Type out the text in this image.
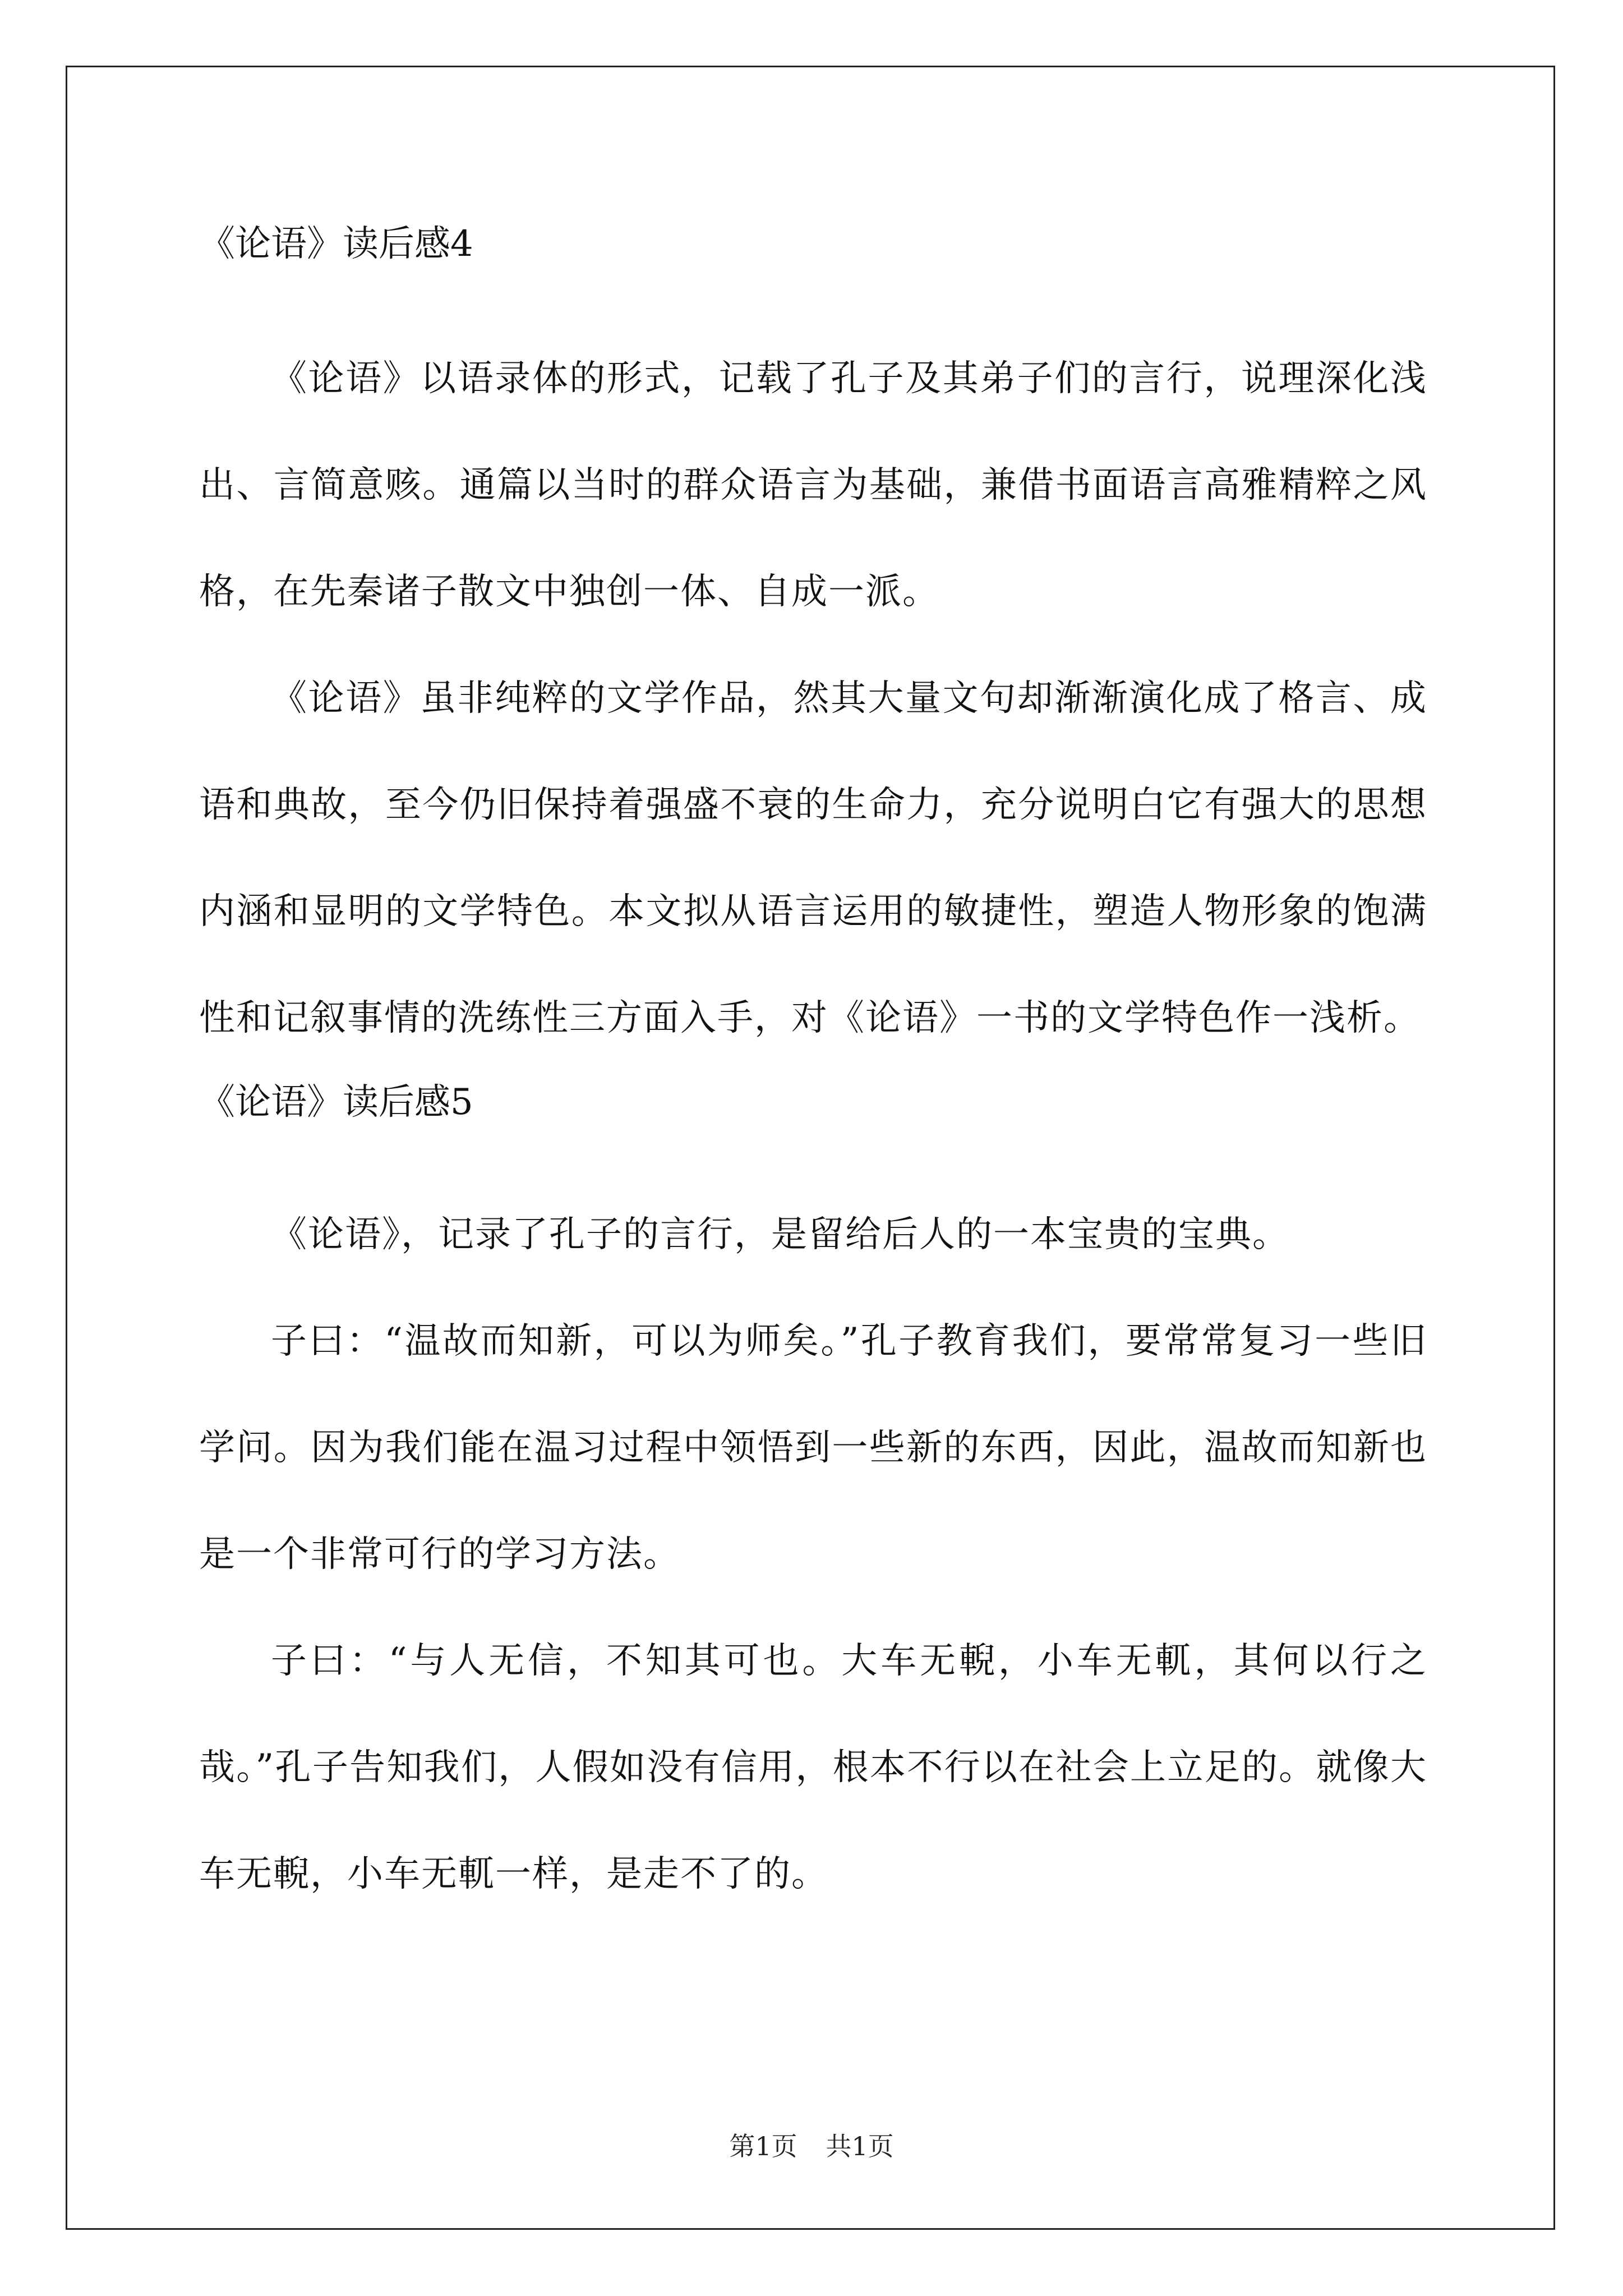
《论语》读后感4

《论语》以语录体的形式，记载了孔子及其弟子们的言行，说理深化浅出、言简意赅。通篇以当时的群众语言为基础，兼借书面语言高雅精粹之风格，在先秦诸子散文中独创一体、自成一派。

《论语》虽非纯粹的文学作品，然其大量文句却渐渐演化成了格言、成语和典故，至今仍旧保持着强盛不衰的生命力，充分说明白它有强大的思想内涵和显明的文学特色。本文拟从语言运用的敏捷性，塑造人物形象的饱满性和记叙事情的洗练性三方面入手，对《论语》一书的文学特色作一浅析。

《论语》读后感5

《论语》，记录了孔子的言行，是留给后人的一本宝贵的宝典。

子曰：“温故而知新，可以为师矣。”孔子教育我们，要常常复习一些旧学问。因为我们能在温习过程中领悟到一些新的东西，因此，温故而知新也是一个非常可行的学习方法。

子曰：“与人无信，不知其可也。大车无輗，小车无軏，其何以行之哉。”孔子告知我们，人假如没有信用，根本不行以在社会上立足的。就像大车无輗，小车无軏一样，是走不了的。

第1页 共1页
